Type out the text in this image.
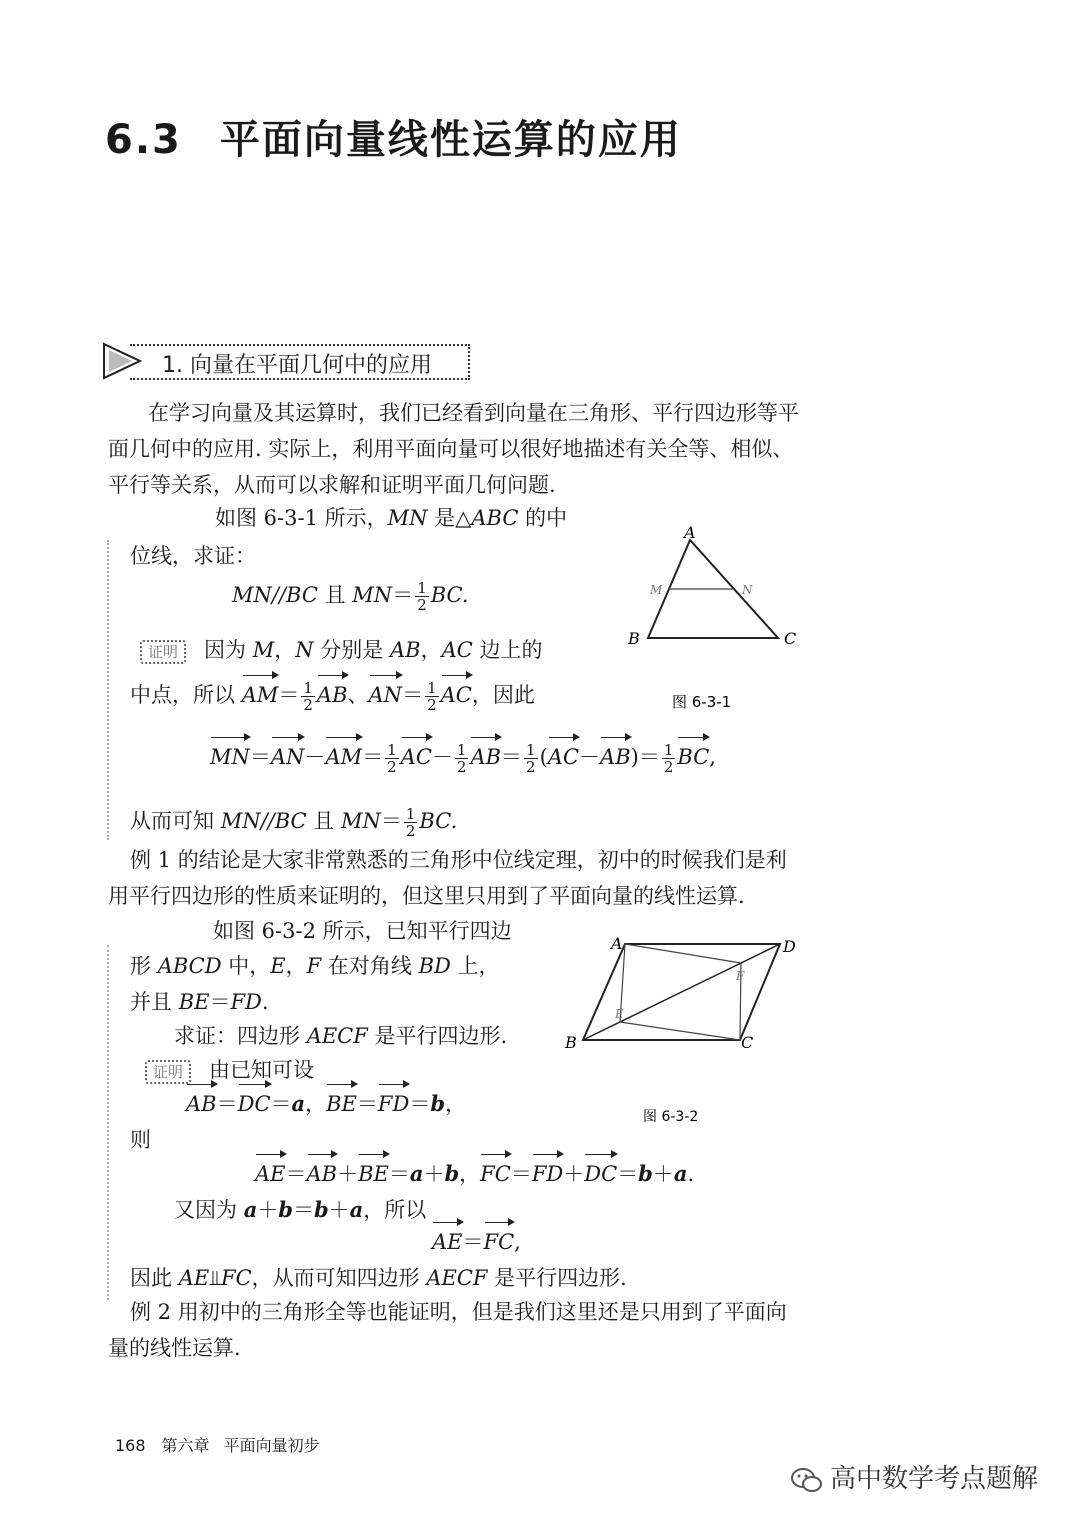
6.3 平面向量线性运算的应用
1. 向量在平面几何中的应用
在学习向量及其运算时，我们已经看到向量在三角形、平行四边形等平
面几何中的应用. 实际上，利用平面向量可以很好地描述有关全等、相似、
平行等关系，从而可以求解和证明平面几何问题.
如图 6-3-1 所示，MN 是△ABC 的中
位线，求证：
MN//BC 且 $MN= \frac{1}{2}$ BC.
证明 因为 M，N 分别是 AB，AC 边上的
中点，所以 $AM= \frac{1}{2}$ AB、$AN= \frac{1}{2}$ AC，因此
$MN=AN-AM= \frac{1}{2} AC- \frac{1}{2} AB= \frac{1}{2} (AC-AB)= \frac{1}{2}$ BC,
从而可知 MN//BC 且 $MN= \frac{1}{2}$ BC.
A
B	C
M	N
图 6-3-1
例 1 的结论是大家非常熟悉的三角形中位线定理，初中的时候我们是利
用平行四边形的性质来证明的，但这里只用到了平面向量的线性运算.
如图 6-3-2 所示，已知平行四边
形 ABCD 中，E，F 在对角线 BD 上，
并且 BE＝FD.
求证：四边形 AECF 是平行四边形.
证明 由已知可设
AB＝DC＝a，BE＝FD＝b，
则
AE＝AB＋BE＝a＋b，FC＝FD＋DC＝b＋a.
又因为 a＋b＝b＋a，所以
AE＝FC,
因此 AE⫫FC，从而可知四边形 AECF 是平行四边形.
A	D
B	C
E
F
图 6-3-2
例 2 用初中的三角形全等也能证明，但是我们这里还是只用到了平面向
量的线性运算.
168 第六章 平面向量初步
高中数学考点题解
